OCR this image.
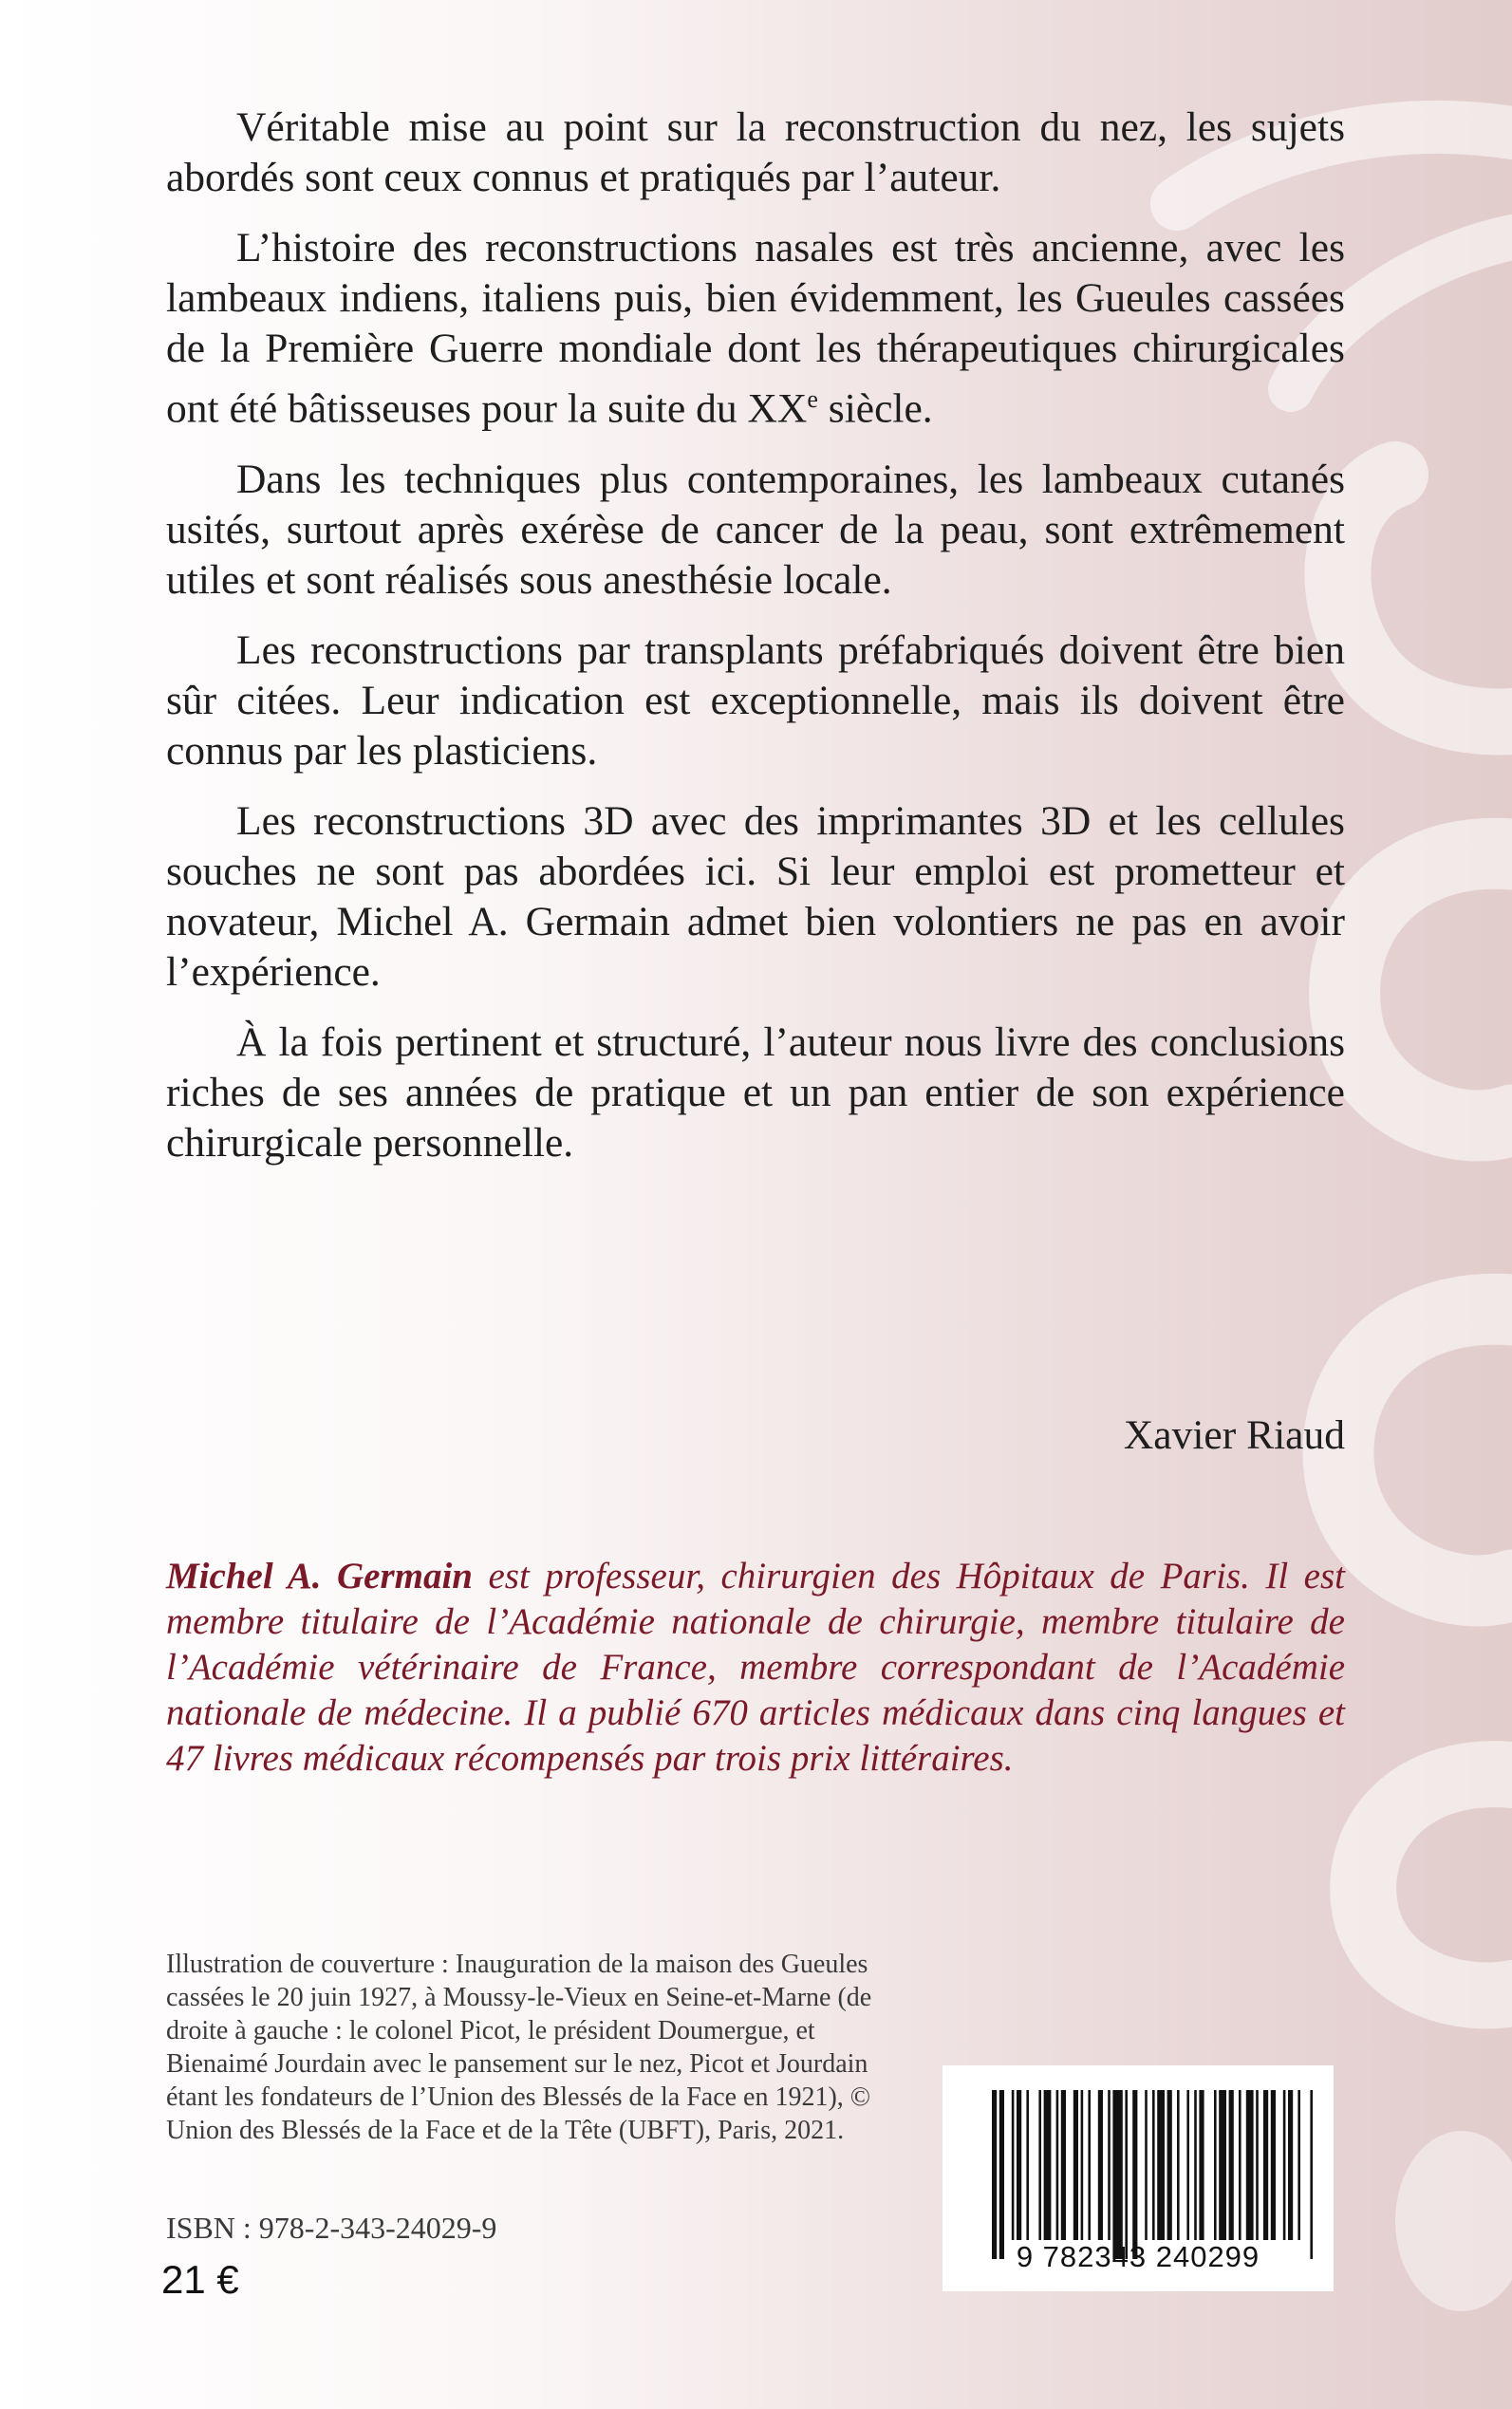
Véritable mise au point sur la reconstruction du nez, les sujets abordés sont ceux connus et pratiqués par l’auteur.

L’histoire des reconstructions nasales est très ancienne, avec les lambeaux indiens, italiens puis, bien évidemment, les Gueules cassées de la Première Guerre mondiale dont les thérapeutiques chirurgicales ont été bâtisseuses pour la suite du XXe siècle.

Dans les techniques plus contemporaines, les lambeaux cutanés usités, surtout après exérèse de cancer de la peau, sont extrêmement utiles et sont réalisés sous anesthésie locale.

Les reconstructions par transplants préfabriqués doivent être bien sûr citées. Leur indication est exceptionnelle, mais ils doivent être connus par les plasticiens.

Les reconstructions 3D avec des imprimantes 3D et les cellules souches ne sont pas abordées ici. Si leur emploi est prometteur et novateur, Michel A. Germain admet bien volontiers ne pas en avoir l’expérience.

À la fois pertinent et structuré, l’auteur nous livre des conclusions riches de ses années de pratique et un pan entier de son expérience chirurgicale personnelle.

Xavier Riaud
Michel A. Germain est professeur, chirurgien des Hôpitaux de Paris. Il est membre titulaire de l’Académie nationale de chirurgie, membre titulaire de l’Académie vétérinaire de France, membre correspondant de l’Académie nationale de médecine. Il a publié 670 articles médicaux dans cinq langues et 47 livres médicaux récompensés par trois prix littéraires.
Illustration de couverture : Inauguration de la maison des Gueules cassées le 20 juin 1927, à Moussy-le-Vieux en Seine-et-Marne (de droite à gauche : le colonel Picot, le président Doumergue, et Bienaimé Jourdain avec le pansement sur le nez, Picot et Jourdain étant les fondateurs de l’Union des Blessés de la Face en 1921), © Union des Blessés de la Face et de la Tête (UBFT), Paris, 2021.
ISBN : 978-2-343-24029-9
21 €
9 782343 240299
